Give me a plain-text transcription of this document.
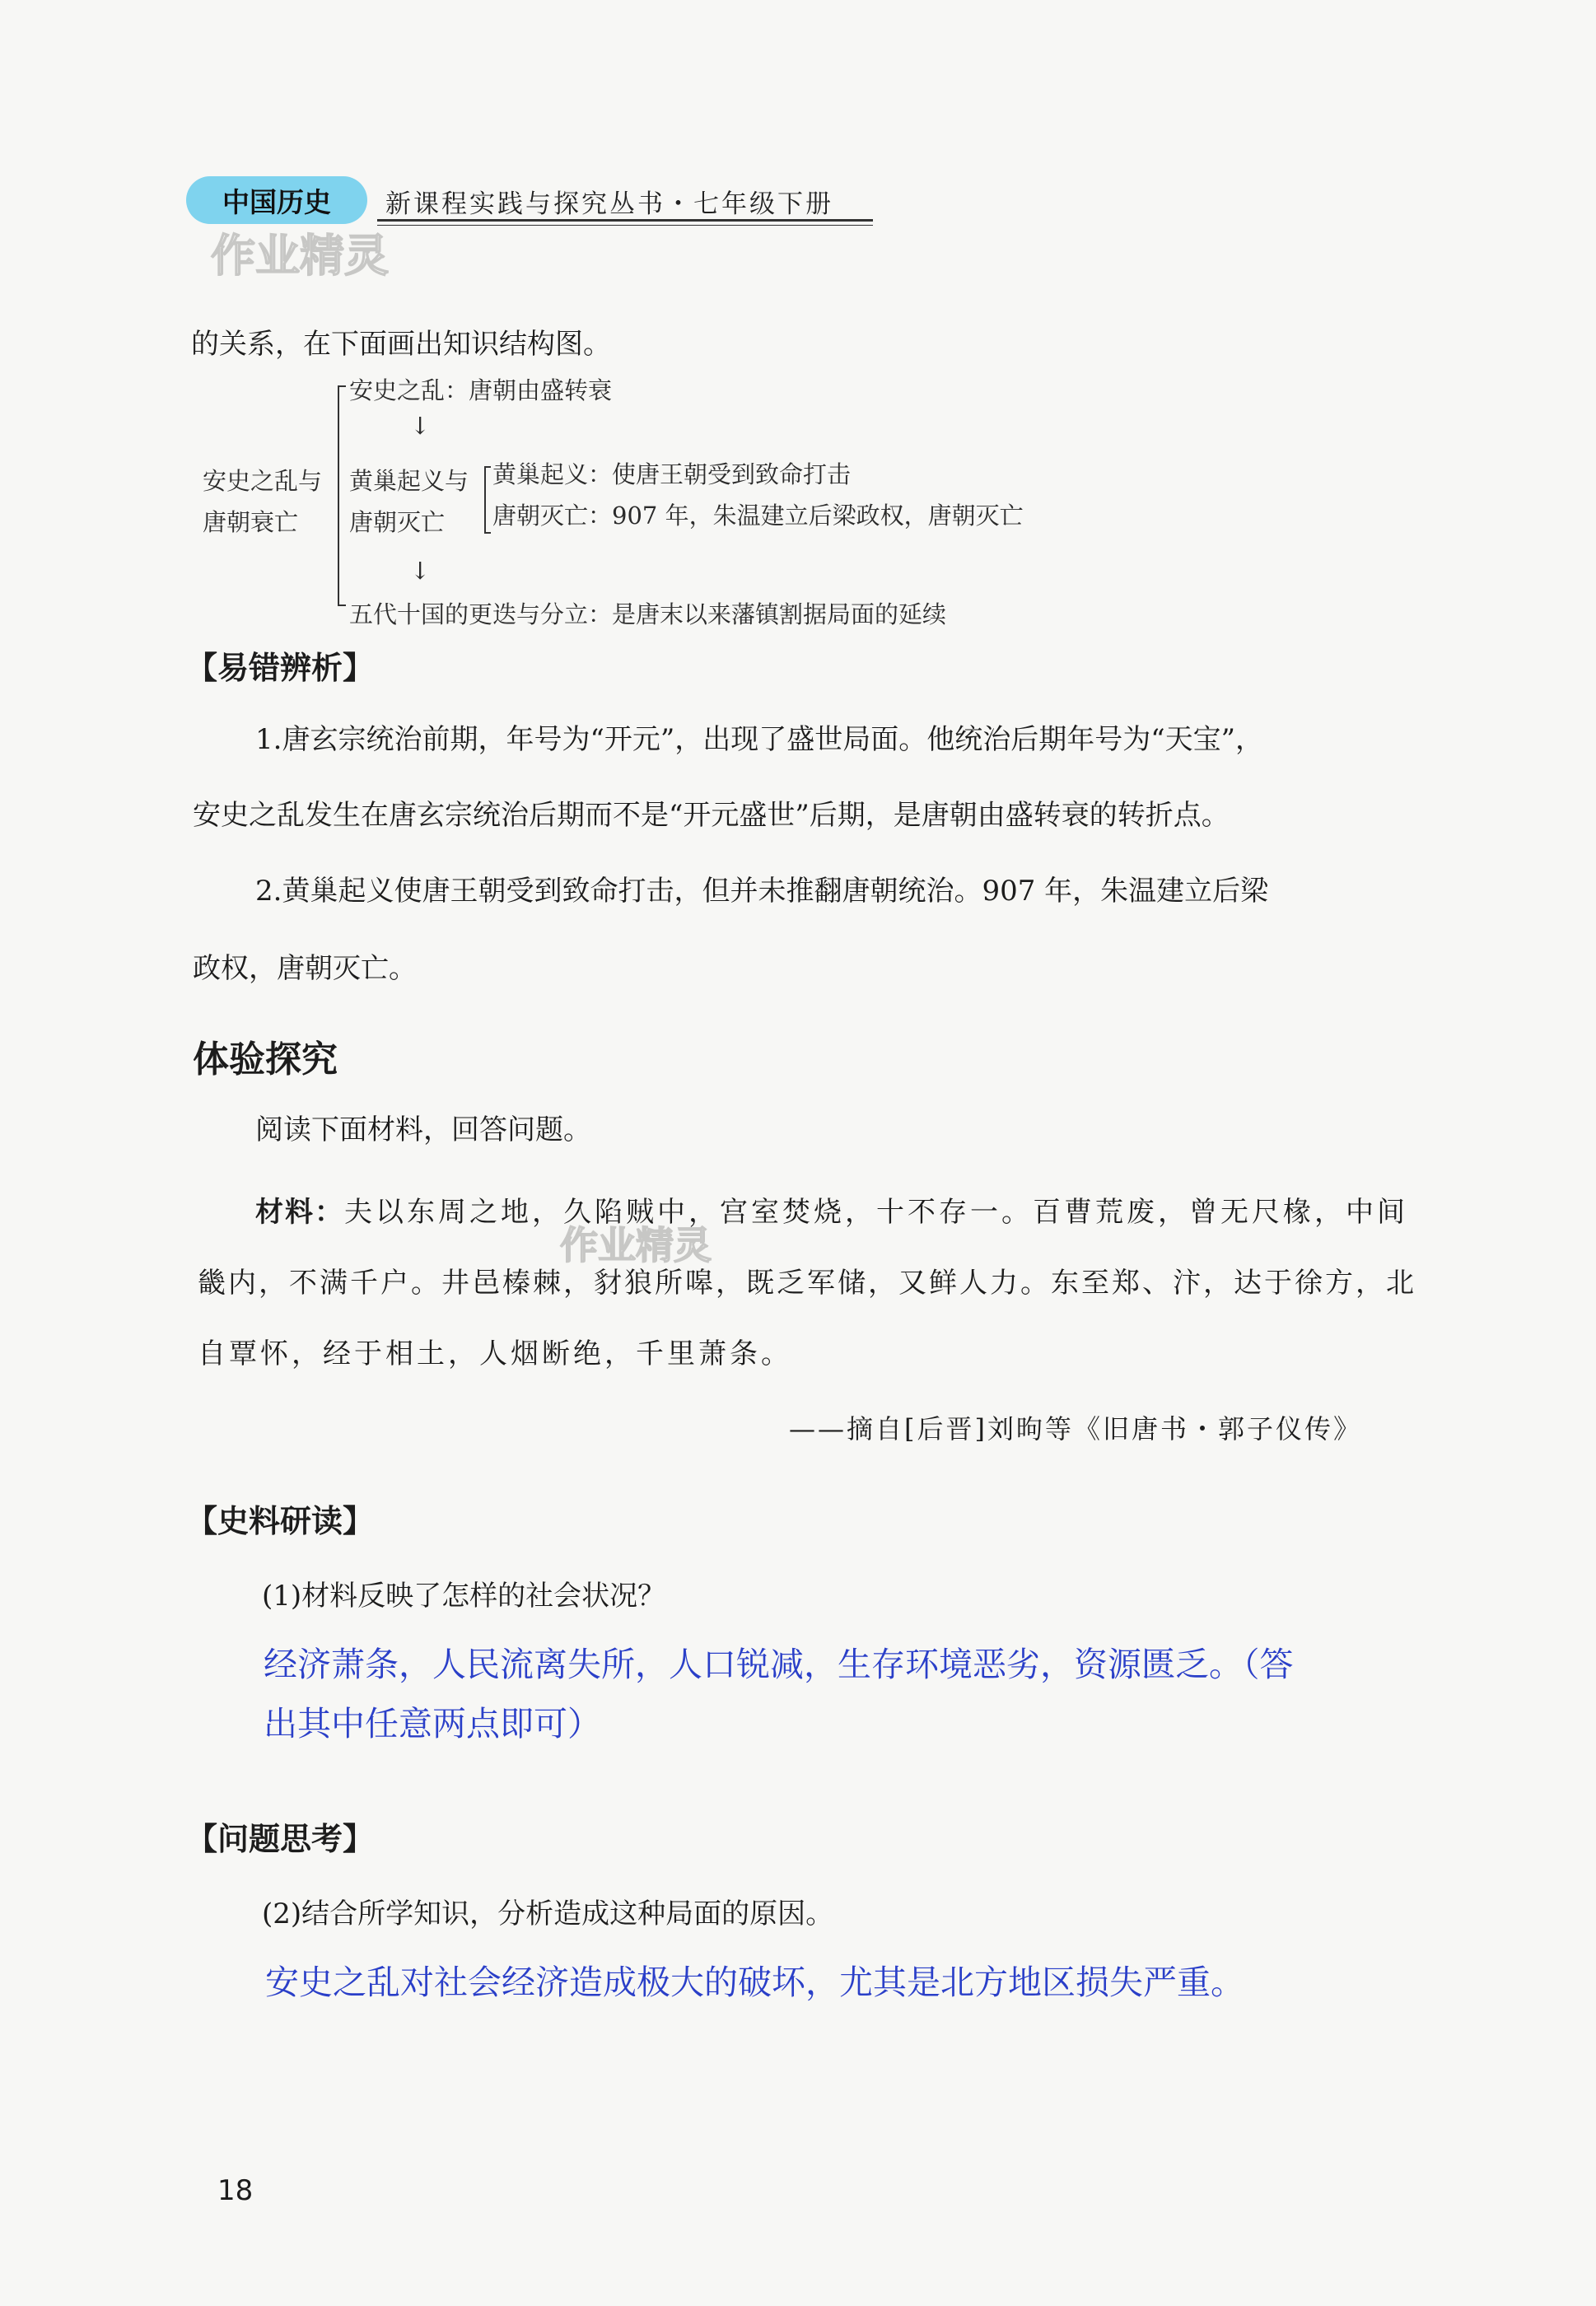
中国历史	新课程实践与探究丛书・七年级下册
作业精灵
的关系，在下面画出知识结构图。
安史之乱与
唐朝衰亡
安史之乱：唐朝由盛转衰
↓
黄巢起义与
唐朝灭亡
黄巢起义：使唐王朝受到致命打击
唐朝灭亡：907 年，朱温建立后梁政权，唐朝灭亡
↓
五代十国的更迭与分立：是唐末以来藩镇割据局面的延续
【易错辨析】
1.唐玄宗统治前期，年号为“开元”，出现了盛世局面。他统治后期年号为“天宝”，
安史之乱发生在唐玄宗统治后期而不是“开元盛世”后期，是唐朝由盛转衰的转折点。
2.黄巢起义使唐王朝受到致命打击，但并未推翻唐朝统治。907 年，朱温建立后梁
政权，唐朝灭亡。
体验探究
阅读下面材料，回答问题。
材料：夫以东周之地，久陷贼中，宫室焚烧，十不存一。百曹荒废，曾无尺椽，中间
畿内，不满千户。井邑榛棘，豺狼所嗥，既乏军储，又鲜人力。东至郑、汴，达于徐方，北
自覃怀，经于相土，人烟断绝，千里萧条。
作业精灵
——摘自[后晋]刘昫等《旧唐书・郭子仪传》
【史料研读】
(1)材料反映了怎样的社会状况？
经济萧条，人民流离失所，人口锐减，生存环境恶劣，资源匮乏。（答
出其中任意两点即可）
【问题思考】
(2)结合所学知识，分析造成这种局面的原因。
安史之乱对社会经济造成极大的破坏，尤其是北方地区损失严重。
18
